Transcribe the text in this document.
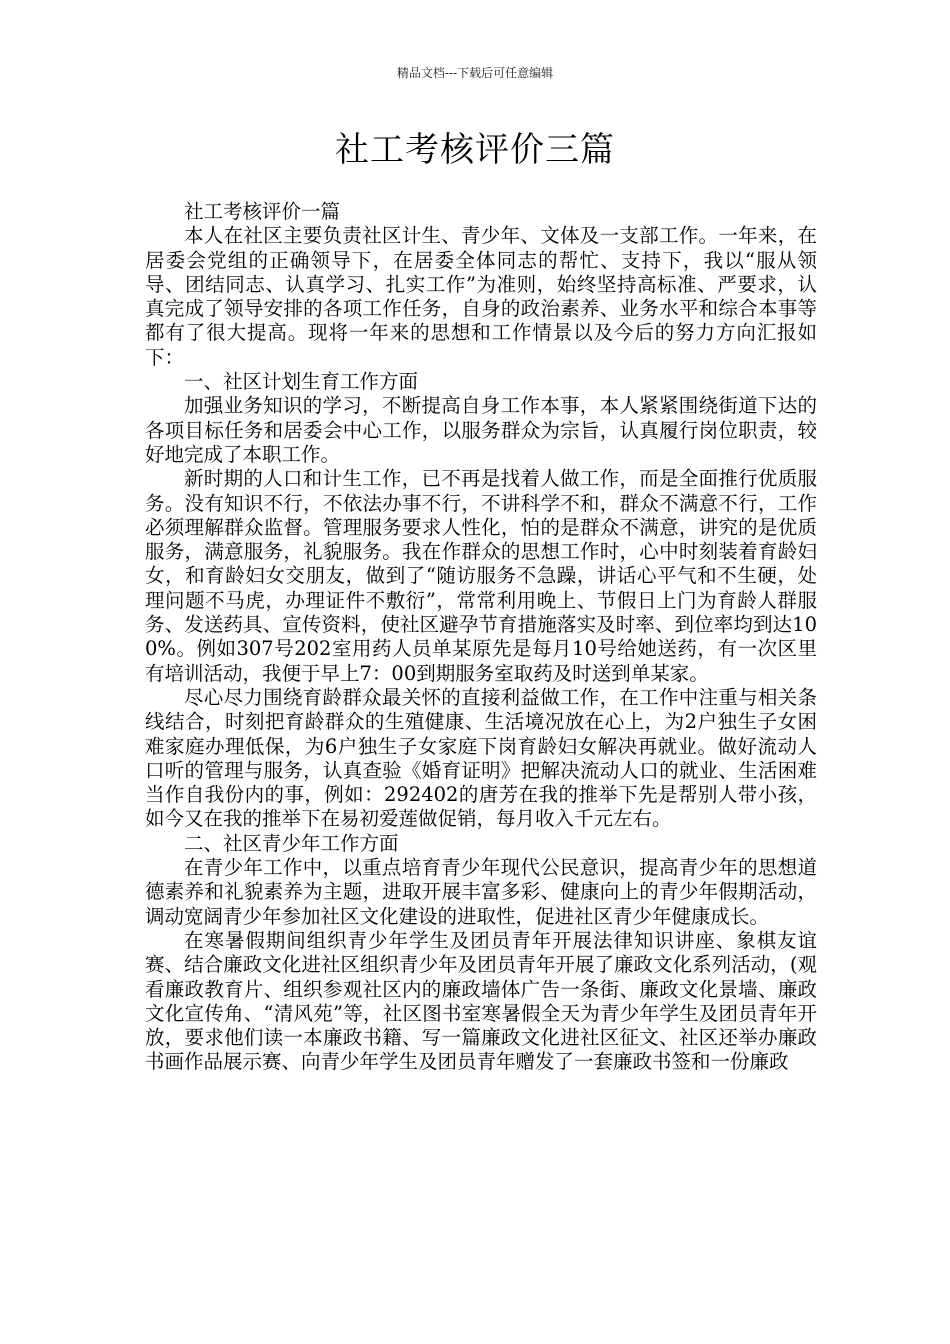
精品文档---下载后可任意编辑
社工考核评价三篇

社工考核评价一篇

本人在社区主要负责社区计生、青少年、文体及一支部工作。一年来，在居委会党组的正确领导下，在居委全体同志的帮忙、支持下，我以“服从领导、团结同志、认真学习、扎实工作”为准则，始终坚持高标准、严要求，认真完成了领导安排的各项工作任务，自身的政治素养、业务水平和综合本事等都有了很大提高。现将一年来的思想和工作情景以及今后的努力方向汇报如下：

一、社区计划生育工作方面

加强业务知识的学习，不断提高自身工作本事，本人紧紧围绕街道下达的各项目标任务和居委会中心工作，以服务群众为宗旨，认真履行岗位职责，较好地完成了本职工作。

新时期的人口和计生工作，已不再是找着人做工作，而是全面推行优质服务。没有知识不行，不依法办事不行，不讲科学不和，群众不满意不行，工作必须理解群众监督。管理服务要求人性化，怕的是群众不满意，讲究的是优质服务，满意服务，礼貌服务。我在作群众的思想工作时，心中时刻装着育龄妇女，和育龄妇女交朋友，做到了“随访服务不急躁，讲话心平气和不生硬，处理问题不马虎，办理证件不敷衍”，常常利用晚上、节假日上门为育龄人群服务、发送药具、宣传资料，使社区避孕节育措施落实及时率、到位率均到达100%。例如307号202室用药人员单某原先是每月10号给她送药，有一次区里有培训活动，我便于早上7：00到期服务室取药及时送到单某家。

尽心尽力围绕育龄群众最关怀的直接利益做工作，在工作中注重与相关条线结合，时刻把育龄群众的生殖健康、生活境况放在心上，为2户独生子女困难家庭办理低保，为6户独生子女家庭下岗育龄妇女解决再就业。做好流动人口听的管理与服务，认真查验《婚育证明》把解决流动人口的就业、生活困难当作自我份内的事，例如：292402的唐芳在我的推举下先是帮别人带小孩，如今又在我的推举下在易初爱莲做促销，每月收入千元左右。

二、社区青少年工作方面

在青少年工作中，以重点培育青少年现代公民意识，提高青少年的思想道德素养和礼貌素养为主题，进取开展丰富多彩、健康向上的青少年假期活动，调动宽阔青少年参加社区文化建设的进取性，促进社区青少年健康成长。

在寒暑假期间组织青少年学生及团员青年开展法律知识讲座、象棋友谊赛、结合廉政文化进社区组织青少年及团员青年开展了廉政文化系列活动，(观看廉政教育片、组织参观社区内的廉政墙体广告一条街、廉政文化景墙、廉政文化宣传角、“清风苑”等，社区图书室寒暑假全天为青少年学生及团员青年开放，要求他们读一本廉政书籍、写一篇廉政文化进社区征文、社区还举办廉政书画作品展示赛、向青少年学生及团员青年赠发了一套廉政书签和一份廉政
